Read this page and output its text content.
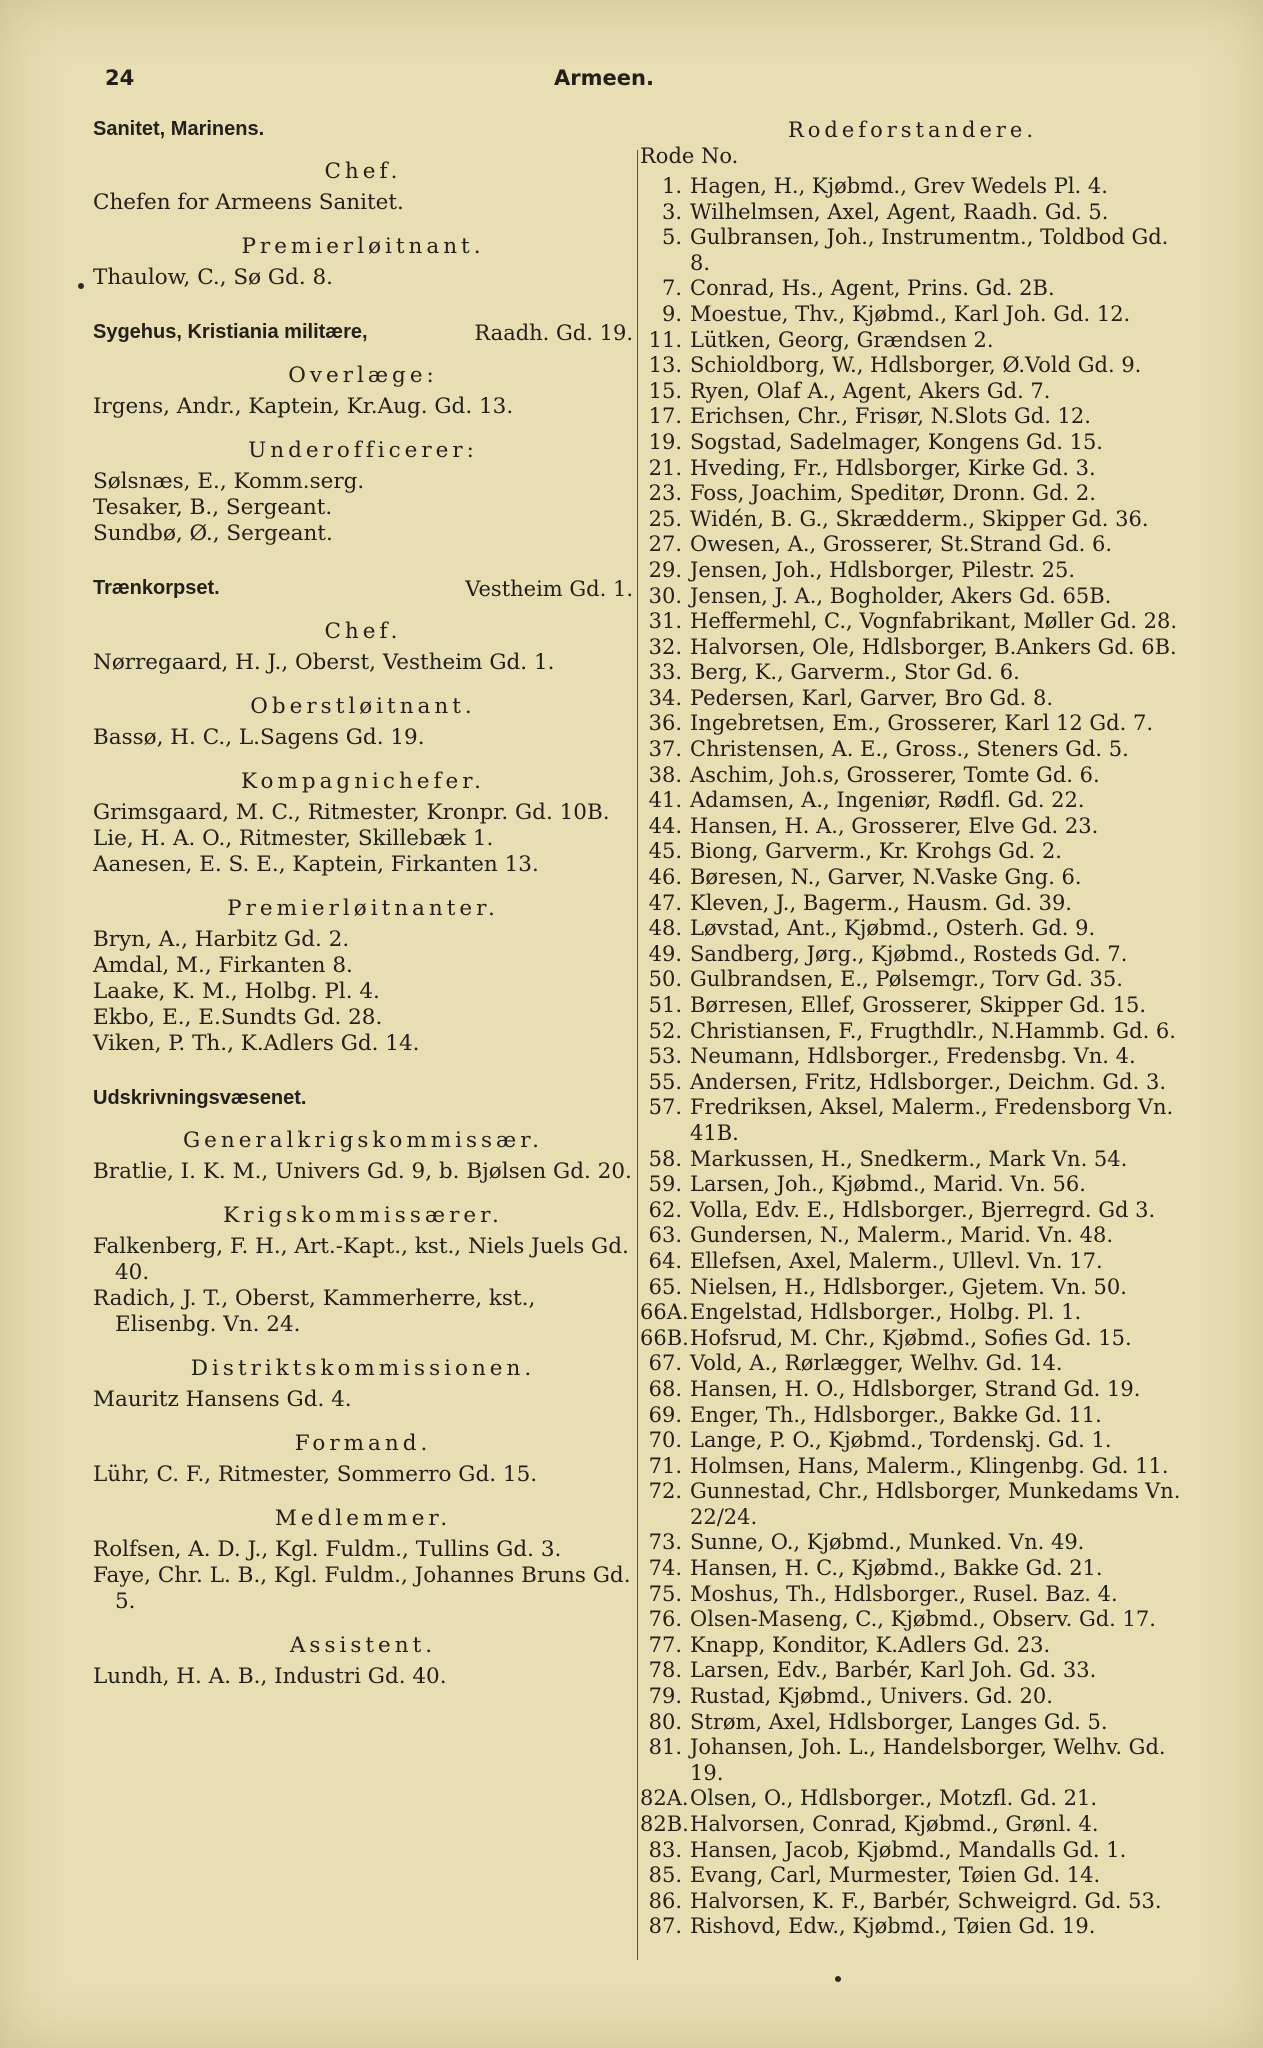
24	Armeen.
Sanitet, Marinens.
Chef.
Chefen for Armeens Sanitet.
Premierløitnant.
Thaulow, C., Sø Gd. 8.
Sygehus, Kristiania militære,	Raadh. Gd. 19.
Overlæge:
Irgens, Andr., Kaptein, Kr.Aug. Gd. 13.
Underofficerer:
Sølsnæs, E., Komm.serg.
Tesaker, B., Sergeant.
Sundbø, Ø., Sergeant.
Trænkorpset.	Vestheim Gd. 1.
Chef.
Nørregaard, H. J., Oberst, Vestheim Gd. 1.
Oberstløitnant.
Bassø, H. C., L.Sagens Gd. 19.
Kompagnichefer.
Grimsgaard, M. C., Ritmester, Kronpr. Gd. 10B.
Lie, H. A. O., Ritmester, Skillebæk 1.
Aanesen, E. S. E., Kaptein, Firkanten 13.
Premierløitnanter.
Bryn, A., Harbitz Gd. 2.
Amdal, M., Firkanten 8.
Laake, K. M., Holbg. Pl. 4.
Ekbo, E., E.Sundts Gd. 28.
Viken, P. Th., K.Adlers Gd. 14.
Udskrivningsvæsenet.
Generalkrigskommissær.
Bratlie, I. K. M., Univers Gd. 9, b. Bjølsen Gd. 20.
Krigskommissærer.
Falkenberg, F. H., Art.-Kapt., kst., Niels Juels Gd. 40.
Radich, J. T., Oberst, Kammerherre, kst., Elisenbg. Vn. 24.
Distriktskommissionen.
Mauritz Hansens Gd. 4.
Formand.
Lühr, C. F., Ritmester, Sommerro Gd. 15.
Medlemmer.
Rolfsen, A. D. J., Kgl. Fuldm., Tullins Gd. 3.
Faye, Chr. L. B., Kgl. Fuldm., Johannes Bruns Gd. 5.
Assistent.
Lundh, H. A. B., Industri Gd. 40.
Rodeforstandere.
Rode No.
1. Hagen, H., Kjøbmd., Grev Wedels Pl. 4.
3. Wilhelmsen, Axel, Agent, Raadh. Gd. 5.
5. Gulbransen, Joh., Instrumentm., Toldbod Gd. 8.
7. Conrad, Hs., Agent, Prins. Gd. 2B.
9. Moestue, Thv., Kjøbmd., Karl Joh. Gd. 12.
11. Lütken, Georg, Grændsen 2.
13. Schioldborg, W., Hdlsborger, Ø.Vold Gd. 9.
15. Ryen, Olaf A., Agent, Akers Gd. 7.
17. Erichsen, Chr., Frisør, N.Slots Gd. 12.
19. Sogstad, Sadelmager, Kongens Gd. 15.
21. Hveding, Fr., Hdlsborger, Kirke Gd. 3.
23. Foss, Joachim, Speditør, Dronn. Gd. 2.
25. Widén, B. G., Skrædderm., Skipper Gd. 36.
27. Owesen, A., Grosserer, St.Strand Gd. 6.
29. Jensen, Joh., Hdlsborger, Pilestr. 25.
30. Jensen, J. A., Bogholder, Akers Gd. 65B.
31. Heffermehl, C., Vognfabrikant, Møller Gd. 28.
32. Halvorsen, Ole, Hdlsborger, B.Ankers Gd. 6B.
33. Berg, K., Garverm., Stor Gd. 6.
34. Pedersen, Karl, Garver, Bro Gd. 8.
36. Ingebretsen, Em., Grosserer, Karl 12 Gd. 7.
37. Christensen, A. E., Gross., Steners Gd. 5.
38. Aschim, Joh.s, Grosserer, Tomte Gd. 6.
41. Adamsen, A., Ingeniør, Rødfl. Gd. 22.
44. Hansen, H. A., Grosserer, Elve Gd. 23.
45. Biong, Garverm., Kr. Krohgs Gd. 2.
46. Børesen, N., Garver, N.Vaske Gng. 6.
47. Kleven, J., Bagerm., Hausm. Gd. 39.
48. Løvstad, Ant., Kjøbmd., Osterh. Gd. 9.
49. Sandberg, Jørg., Kjøbmd., Rosteds Gd. 7.
50. Gulbrandsen, E., Pølsemgr., Torv Gd. 35.
51. Børresen, Ellef, Grosserer, Skipper Gd. 15.
52. Christiansen, F., Frugthdlr., N.Hammb. Gd. 6.
53. Neumann, Hdlsborger., Fredensbg. Vn. 4.
55. Andersen, Fritz, Hdlsborger., Deichm. Gd. 3.
57. Fredriksen, Aksel, Malerm., Fredensborg Vn. 41B.
58. Markussen, H., Snedkerm., Mark Vn. 54.
59. Larsen, Joh., Kjøbmd., Marid. Vn. 56.
62. Volla, Edv. E., Hdlsborger., Bjerregrd. Gd 3.
63. Gundersen, N., Malerm., Marid. Vn. 48.
64. Ellefsen, Axel, Malerm., Ullevl. Vn. 17.
65. Nielsen, H., Hdlsborger., Gjetem. Vn. 50.
66A. Engelstad, Hdlsborger., Holbg. Pl. 1.
66B. Hofsrud, M. Chr., Kjøbmd., Sofies Gd. 15.
67. Vold, A., Rørlægger, Welhv. Gd. 14.
68. Hansen, H. O., Hdlsborger, Strand Gd. 19.
69. Enger, Th., Hdlsborger., Bakke Gd. 11.
70. Lange, P. O., Kjøbmd., Tordenskj. Gd. 1.
71. Holmsen, Hans, Malerm., Klingenbg. Gd. 11.
72. Gunnestad, Chr., Hdlsborger, Munkedams Vn. 22/24.
73. Sunne, O., Kjøbmd., Munked. Vn. 49.
74. Hansen, H. C., Kjøbmd., Bakke Gd. 21.
75. Moshus, Th., Hdlsborger., Rusel. Baz. 4.
76. Olsen-Maseng, C., Kjøbmd., Observ. Gd. 17.
77. Knapp, Konditor, K.Adlers Gd. 23.
78. Larsen, Edv., Barbér, Karl Joh. Gd. 33.
79. Rustad, Kjøbmd., Univers. Gd. 20.
80. Strøm, Axel, Hdlsborger, Langes Gd. 5.
81. Johansen, Joh. L., Handelsborger, Welhv. Gd. 19.
82A. Olsen, O., Hdlsborger., Motzfl. Gd. 21.
82B. Halvorsen, Conrad, Kjøbmd., Grønl. 4.
83. Hansen, Jacob, Kjøbmd., Mandalls Gd. 1.
85. Evang, Carl, Murmester, Tøien Gd. 14.
86. Halvorsen, K. F., Barbér, Schweigrd. Gd. 53.
87. Rishovd, Edw., Kjøbmd., Tøien Gd. 19.
